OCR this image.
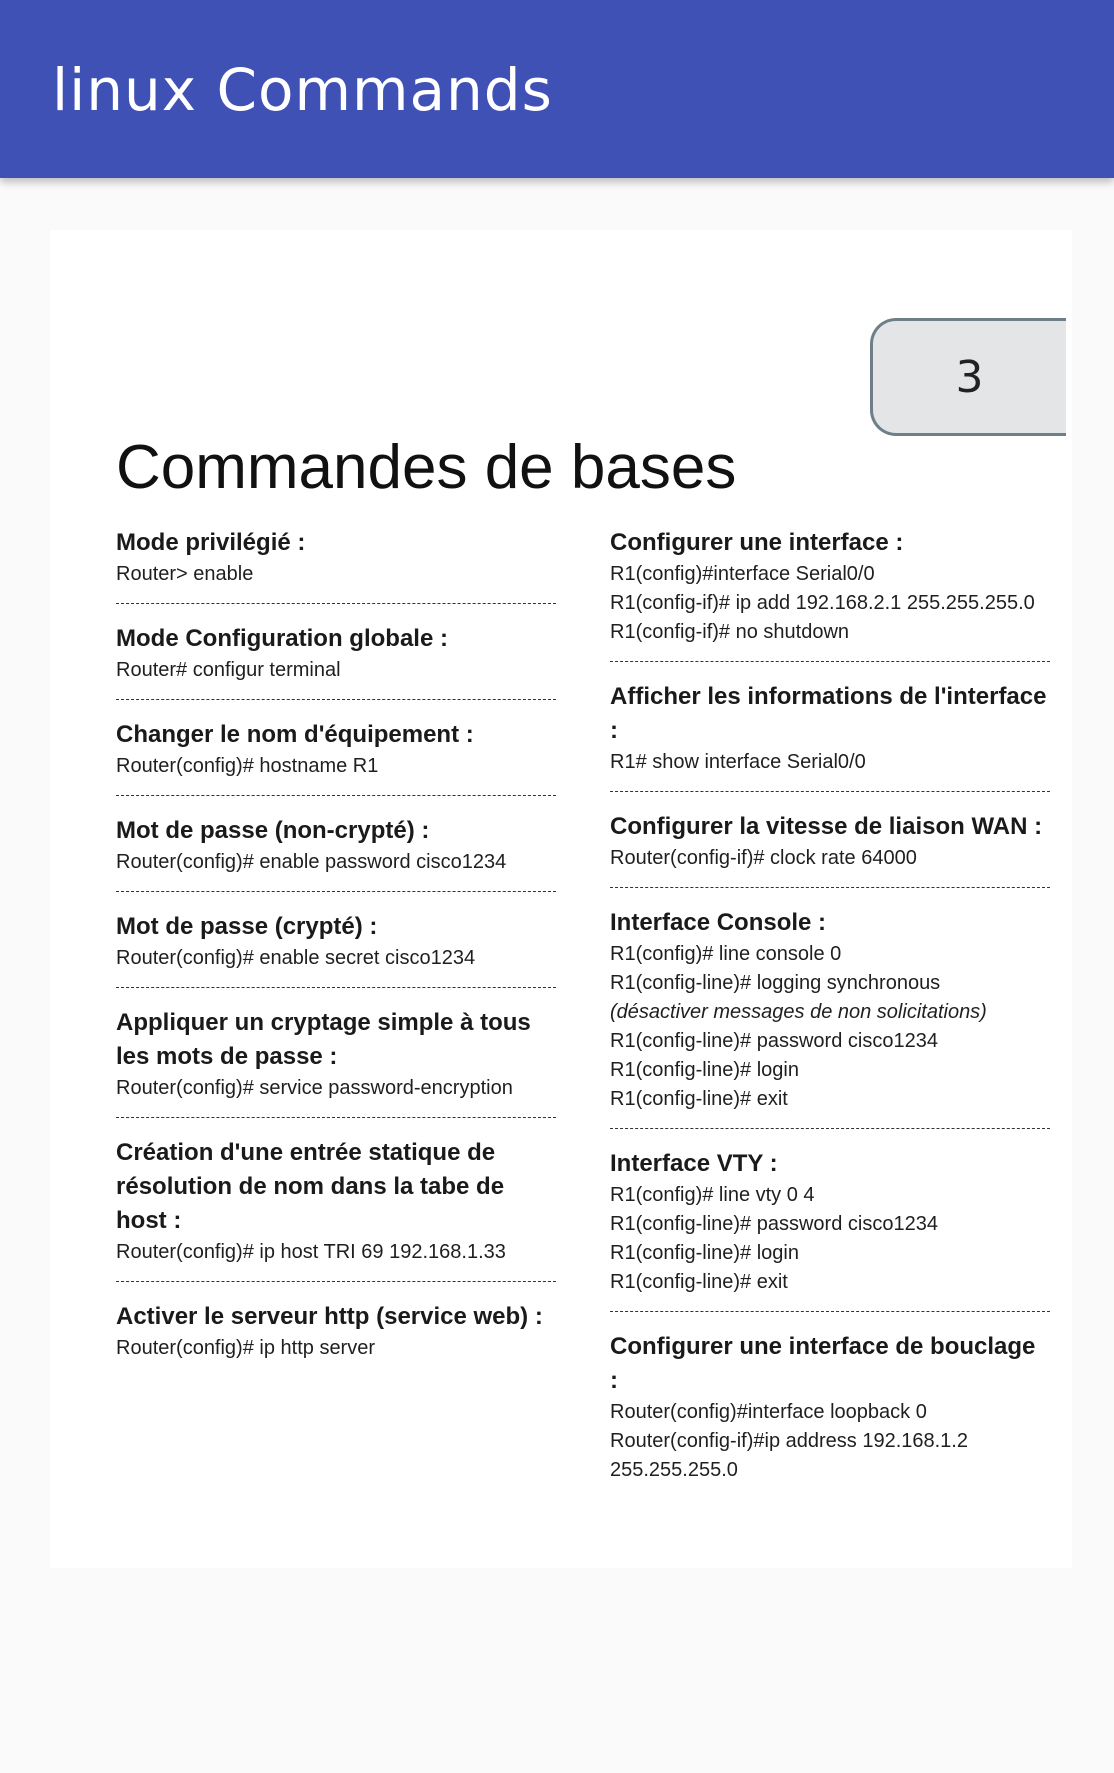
linux Commands
3
Commandes de bases
Mode privilégié :
Router> enable
Mode Configuration globale :
Router# configur terminal
Changer le nom d'équipement :
Router(config)# hostname R1
Mot de passe (non-crypté) :
Router(config)# enable password cisco1234
Mot de passe (crypté) :
Router(config)# enable secret cisco1234
Appliquer un cryptage simple à tous les mots de passe :
Router(config)# service password-encryption
Création d'une entrée statique de résolution de nom dans la tabe de host :
Router(config)# ip host TRI 69 192.168.1.33
Activer le serveur http (service web) :
Router(config)# ip http server
Configurer une interface :
R1(config)#interface Serial0/0
R1(config-if)# ip add 192.168.2.1 255.255.255.0
R1(config-if)# no shutdown
Afficher les informations de l'interface :
R1# show interface Serial0/0
Configurer la vitesse de liaison WAN :
Router(config-if)# clock rate 64000
Interface Console :
R1(config)# line console 0
R1(config-line)# logging synchronous
(désactiver messages de non solicitations)
R1(config-line)# password cisco1234
R1(config-line)# login
R1(config-line)# exit
Interface VTY :
R1(config)# line vty 0 4
R1(config-line)# password cisco1234
R1(config-line)# login
R1(config-line)# exit
Configurer une interface de bouclage :
Router(config)#interface loopback 0
Router(config-if)#ip address 192.168.1.2
255.255.255.0
